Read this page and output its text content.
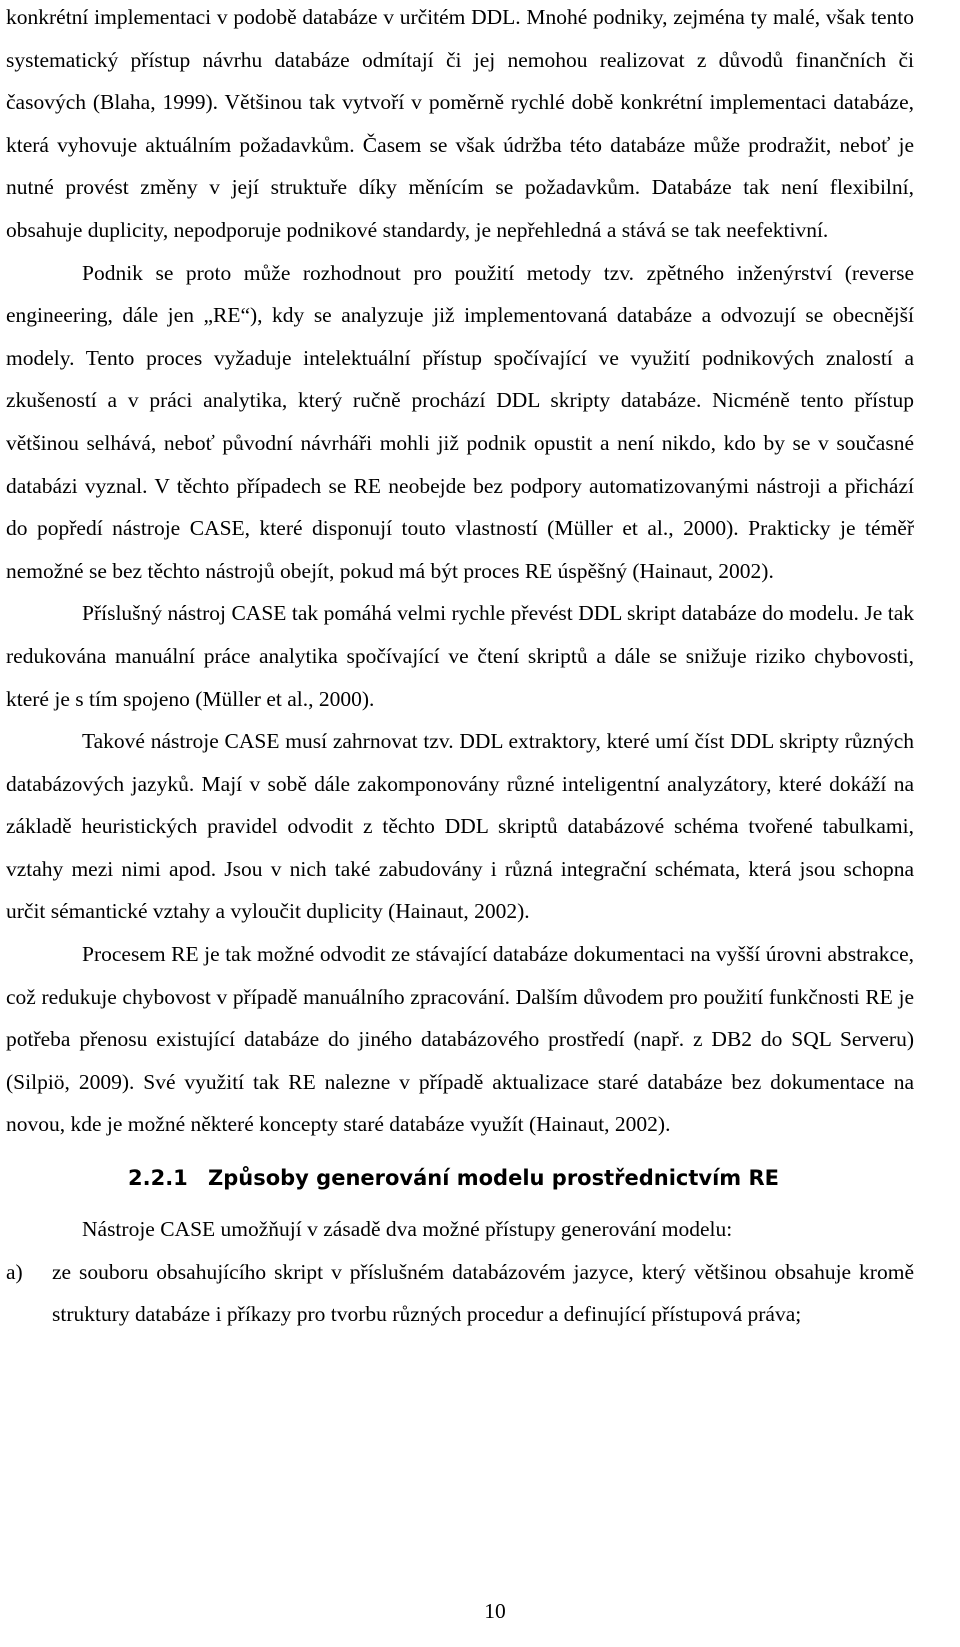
konkrétní implementaci v podobě databáze v určitém DDL. Mnohé podniky, zejména ty malé, však tento systematický přístup návrhu databáze odmítají či jej nemohou realizovat z důvodů finančních či časových (Blaha, 1999). Většinou tak vytvoří v poměrně rychlé době konkrétní implementaci databáze, která vyhovuje aktuálním požadavkům. Časem se však údržba této databáze může prodražit, neboť je nutné provést změny v její struktuře díky měnícím se požadavkům. Databáze tak není flexibilní, obsahuje duplicity, nepodporuje podnikové standardy, je nepřehledná a stává se tak neefektivní.

Podnik se proto může rozhodnout pro použití metody tzv. zpětného inženýrství (reverse engineering, dále jen „RE“), kdy se analyzuje již implementovaná databáze a odvozují se obecnější modely. Tento proces vyžaduje intelektuální přístup spočívající ve využití podnikových znalostí a zkušeností a v práci analytika, který ručně prochází DDL skripty databáze. Nicméně tento přístup většinou selhává, neboť původní návrháři mohli již podnik opustit a není nikdo, kdo by se v současné databázi vyznal. V těchto případech se RE neobejde bez podpory automatizovanými nástroji a přichází do popředí nástroje CASE, které disponují touto vlastností (Müller et al., 2000). Prakticky je téměř nemožné se bez těchto nástrojů obejít, pokud má být proces RE úspěšný (Hainaut, 2002).

Příslušný nástroj CASE tak pomáhá velmi rychle převést DDL skript databáze do modelu. Je tak redukována manuální práce analytika spočívající ve čtení skriptů a dále se snižuje riziko chybovosti, které je s tím spojeno (Müller et al., 2000).

Takové nástroje CASE musí zahrnovat tzv. DDL extraktory, které umí číst DDL skripty různých databázových jazyků. Mají v sobě dále zakomponovány různé inteligentní analyzátory, které dokáží na základě heuristických pravidel odvodit z těchto DDL skriptů databázové schéma tvořené tabulkami, vztahy mezi nimi apod. Jsou v nich také zabudovány i různá integrační schémata, která jsou schopna určit sémantické vztahy a vyloučit duplicity (Hainaut, 2002).

Procesem RE je tak možné odvodit ze stávající databáze dokumentaci na vyšší úrovni abstrakce, což redukuje chybovost v případě manuálního zpracování. Dalším důvodem pro použití funkčnosti RE je potřeba přenosu existující databáze do jiného databázového prostředí (např. z DB2 do SQL Serveru) (Silpiö, 2009). Své využití tak RE nalezne v případě aktualizace staré databáze bez dokumentace na novou, kde je možné některé koncepty staré databáze využít (Hainaut, 2002).

2.2.1 Způsoby generování modelu prostřednictvím RE

Nástroje CASE umožňují v zásadě dva možné přístupy generování modelu:

a)	ze souboru obsahujícího skript v příslušném databázovém jazyce, který většinou obsahuje kromě struktury databáze i příkazy pro tvorbu různých procedur a definující přístupová práva;
10
